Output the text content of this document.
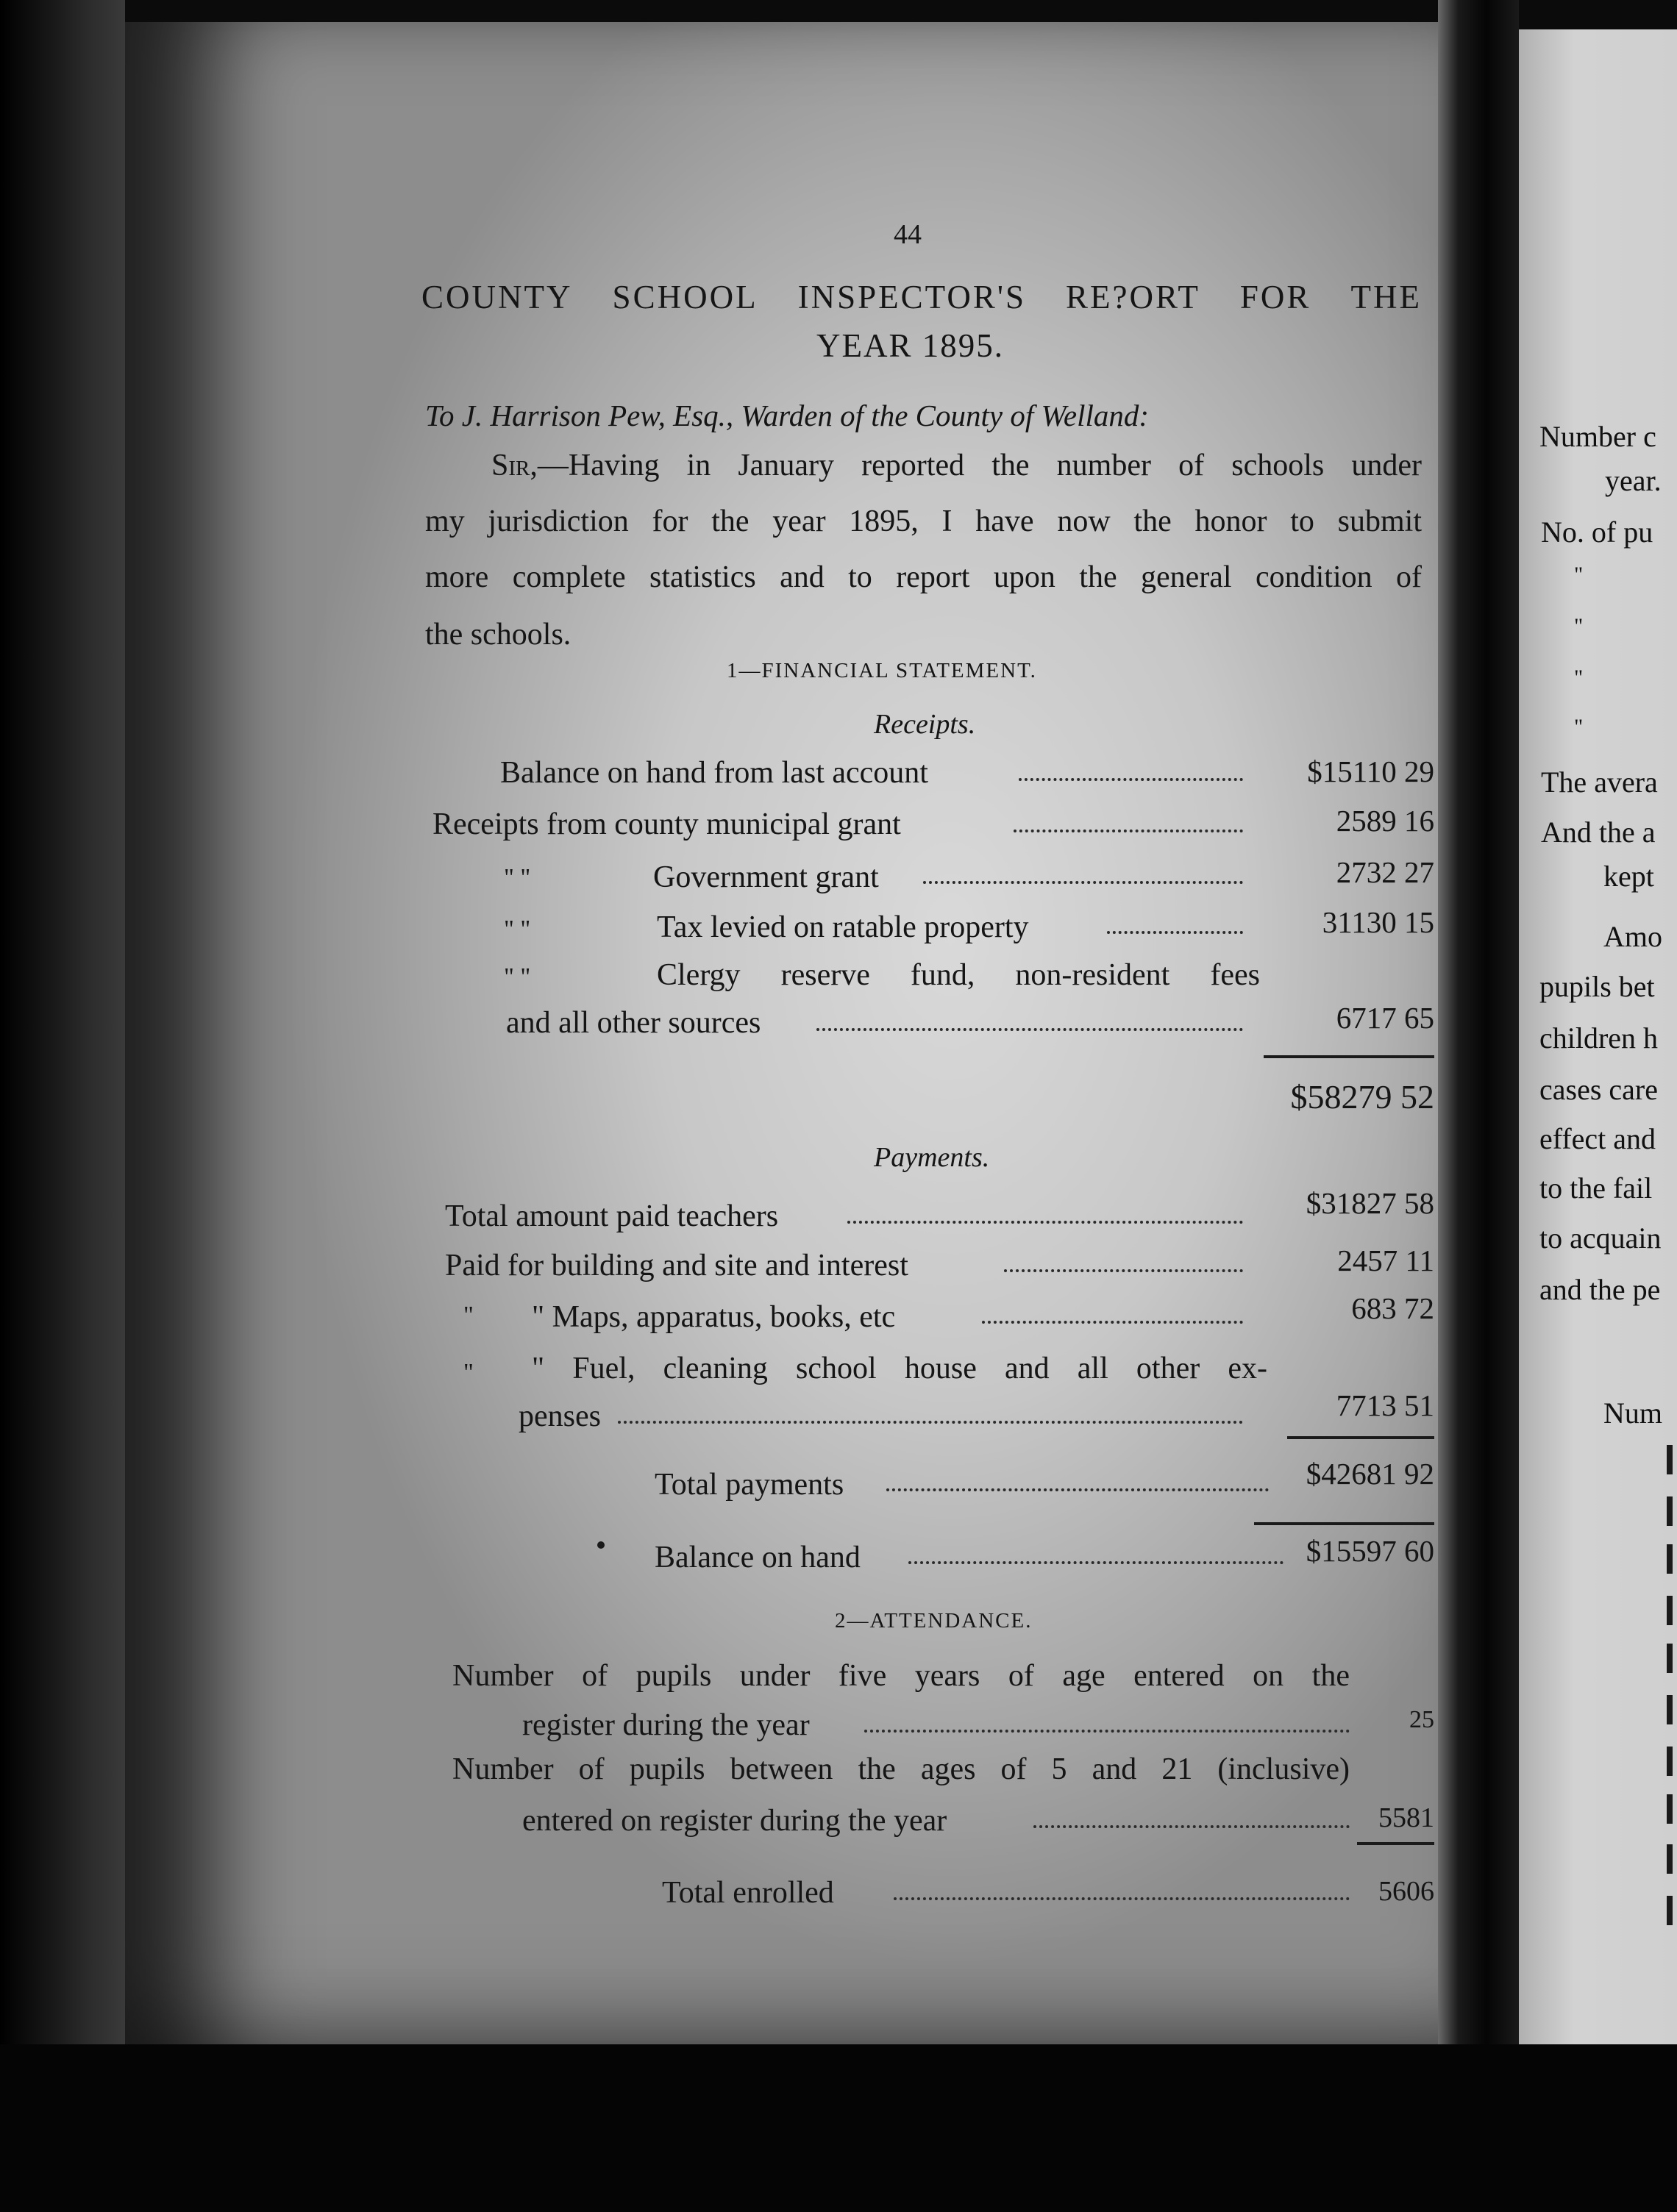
44
COUNTY SCHOOL INSPECTOR'S RE?ORT FOR THE
YEAR 1895.
To J. Harrison Pew, Esq., Warden of the County of Welland:
Sir,—Having in January reported the number of schools under
my jurisdiction for the year 1895, I have now the honor to submit
more complete statistics and to report upon the general condition of
the schools.
1—FINANCIAL STATEMENT.
Receipts.
Balance on hand from last account	$15110 29
Receipts from county municipal grant	2589 16
" "	Government grant	2732 27
" "	Tax levied on ratable property	31130 15
" "	Clergy reserve fund, non-resident fees
and all other sources	6717 65
$58279 52
Payments.
Total amount paid teachers	$31827 58
Paid for building and site and interest	2457 11
" " Maps, apparatus, books, etc	683 72
" " Fuel, cleaning school house and all other ex-
penses	7713 51
Total payments	$42681 92
Balance on hand	$15597 60
2—ATTENDANCE.
Number of pupils under five years of age entered on the
register during the year	25
Number of pupils between the ages of 5 and 21 (inclusive)
entered on register during the year	5581
Total enrolled	5606
Number c
year.
No. of pu
"
"
"
"
The avera
And the a
kept
Amo
pupils bet
children h
cases care
effect and
to the fail
to acquain
and the pe
Num
